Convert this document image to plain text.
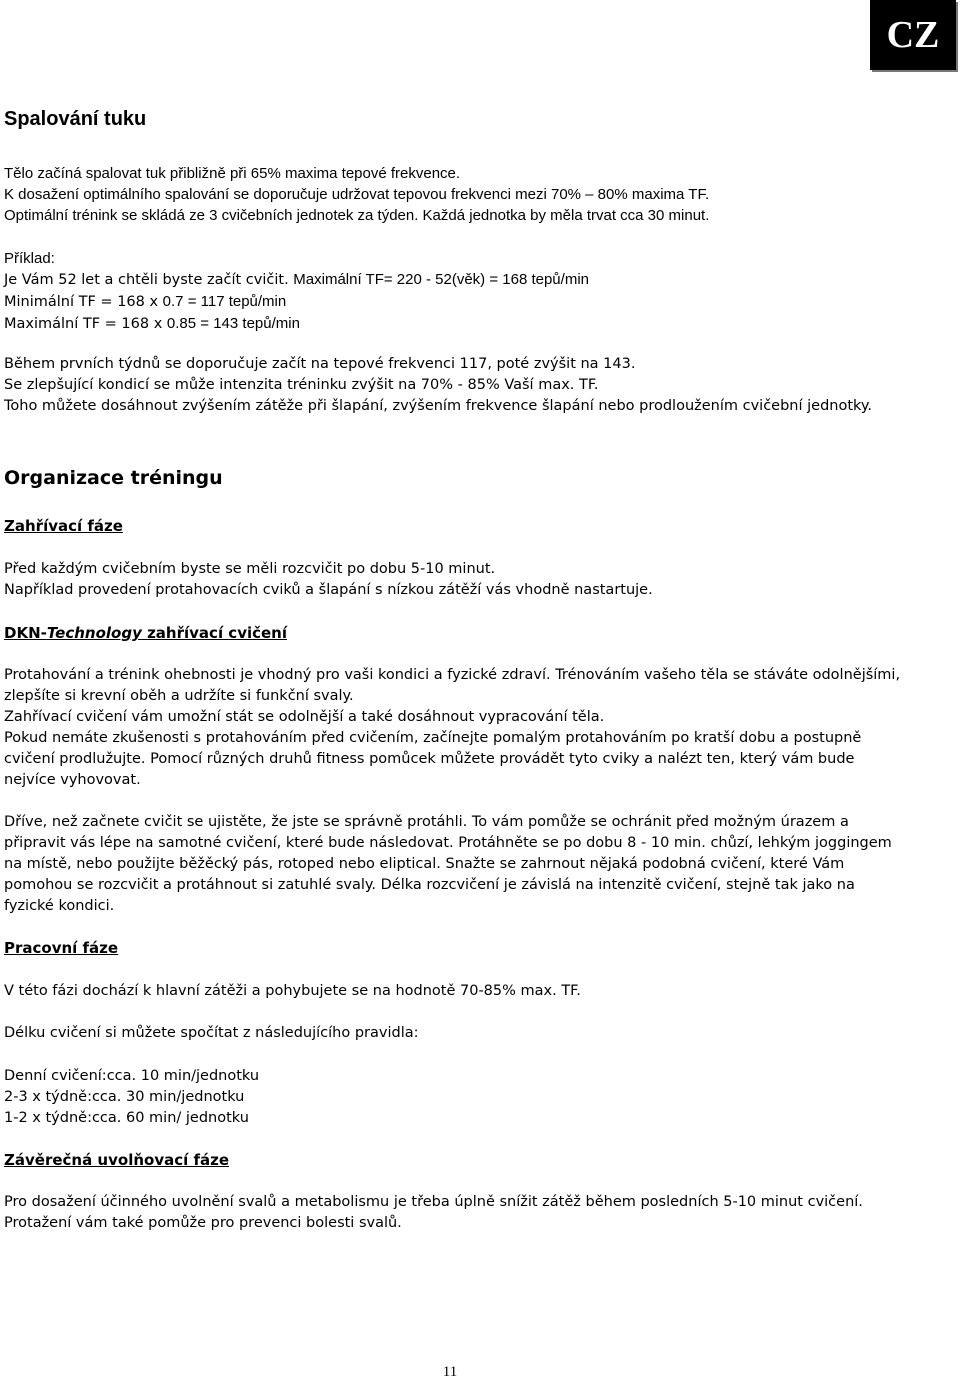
CZ
Spalování tuku
Tělo začíná spalovat tuk přibližně při 65% maxima tepové frekvence.
K dosažení optimálního spalování se doporučuje udržovat tepovou frekvenci mezi 70% – 80% maxima TF.
Optimální trénink se skládá ze 3 cvičebních jednotek za týden. Každá jednotka by měla trvat cca 30 minut.
Příklad:
Je Vám 52 let a chtěli byste začít cvičit. Maximální TF= 220 - 52(věk) = 168 tepů/min
Minimální TF = 168 x 0.7 = 117 tepů/min
Maximální TF = 168 x 0.85 = 143 tepů/min
Během prvních týdnů se doporučuje začít na tepové frekvenci 117, poté zvýšit na 143.
Se zlepšující kondicí se může intenzita tréninku zvýšit na 70% - 85% Vaší max. TF.
Toho můžete dosáhnout zvýšením zátěže při šlapání, zvýšením frekvence šlapání nebo prodloužením cvičební jednotky.
Organizace tréningu
Zahřívací fáze
Před každým cvičebním byste se měli rozcvičit po dobu 5-10 minut.
Například provedení protahovacích cviků a šlapání s nízkou zátěží vás vhodně nastartuje.
DKN-Technology zahřívací cvičení
Protahování a trénink ohebnosti je vhodný pro vaši kondici a fyzické zdraví. Trénováním vašeho těla se stáváte odolnějšími, zlepšíte si krevní oběh a udržíte si funkční svaly.
Zahřívací cvičení vám umožní stát se odolnější a také dosáhnout vypracování těla.
Pokud nemáte zkušenosti s protahováním před cvičením, začínejte pomalým protahováním po kratší dobu a postupně cvičení prodlužujte. Pomocí různých druhů fitness pomůcek můžete provádět tyto cviky a nalézt ten, který vám bude nejvíce vyhovovat.
Dříve, než začnete cvičit se ujistěte, že jste se správně protáhli. To vám pomůže se ochránit před možným úrazem a připravit vás lépe na samotné cvičení, které bude následovat. Protáhněte se po dobu 8 - 10 min. chůzí, lehkým joggingem na místě, nebo použijte běžěcký pás, rotoped nebo eliptical. Snažte se zahrnout nějaká podobná cvičení, které Vám pomohou se rozcvičit a protáhnout si zatuhlé svaly. Délka rozcvičení je závislá na intenzitě cvičení, stejně tak jako na fyzické kondici.
Pracovní fáze
V této fázi dochází k hlavní zátěži a pohybujete se na hodnotě 70-85% max. TF.
Délku cvičení si můžete spočítat z následujícího pravidla:
Denní cvičení:cca. 10 min/jednotku
2-3 x týdně:cca. 30 min/jednotku
1-2 x týdně:cca. 60 min/ jednotku
Závěrečná uvolňovací fáze
Pro dosažení účinného uvolnění svalů a metabolismu je třeba úplně snížit zátěž během posledních 5-10 minut cvičení.
Protažení vám také pomůže pro prevenci bolesti svalů.
11
